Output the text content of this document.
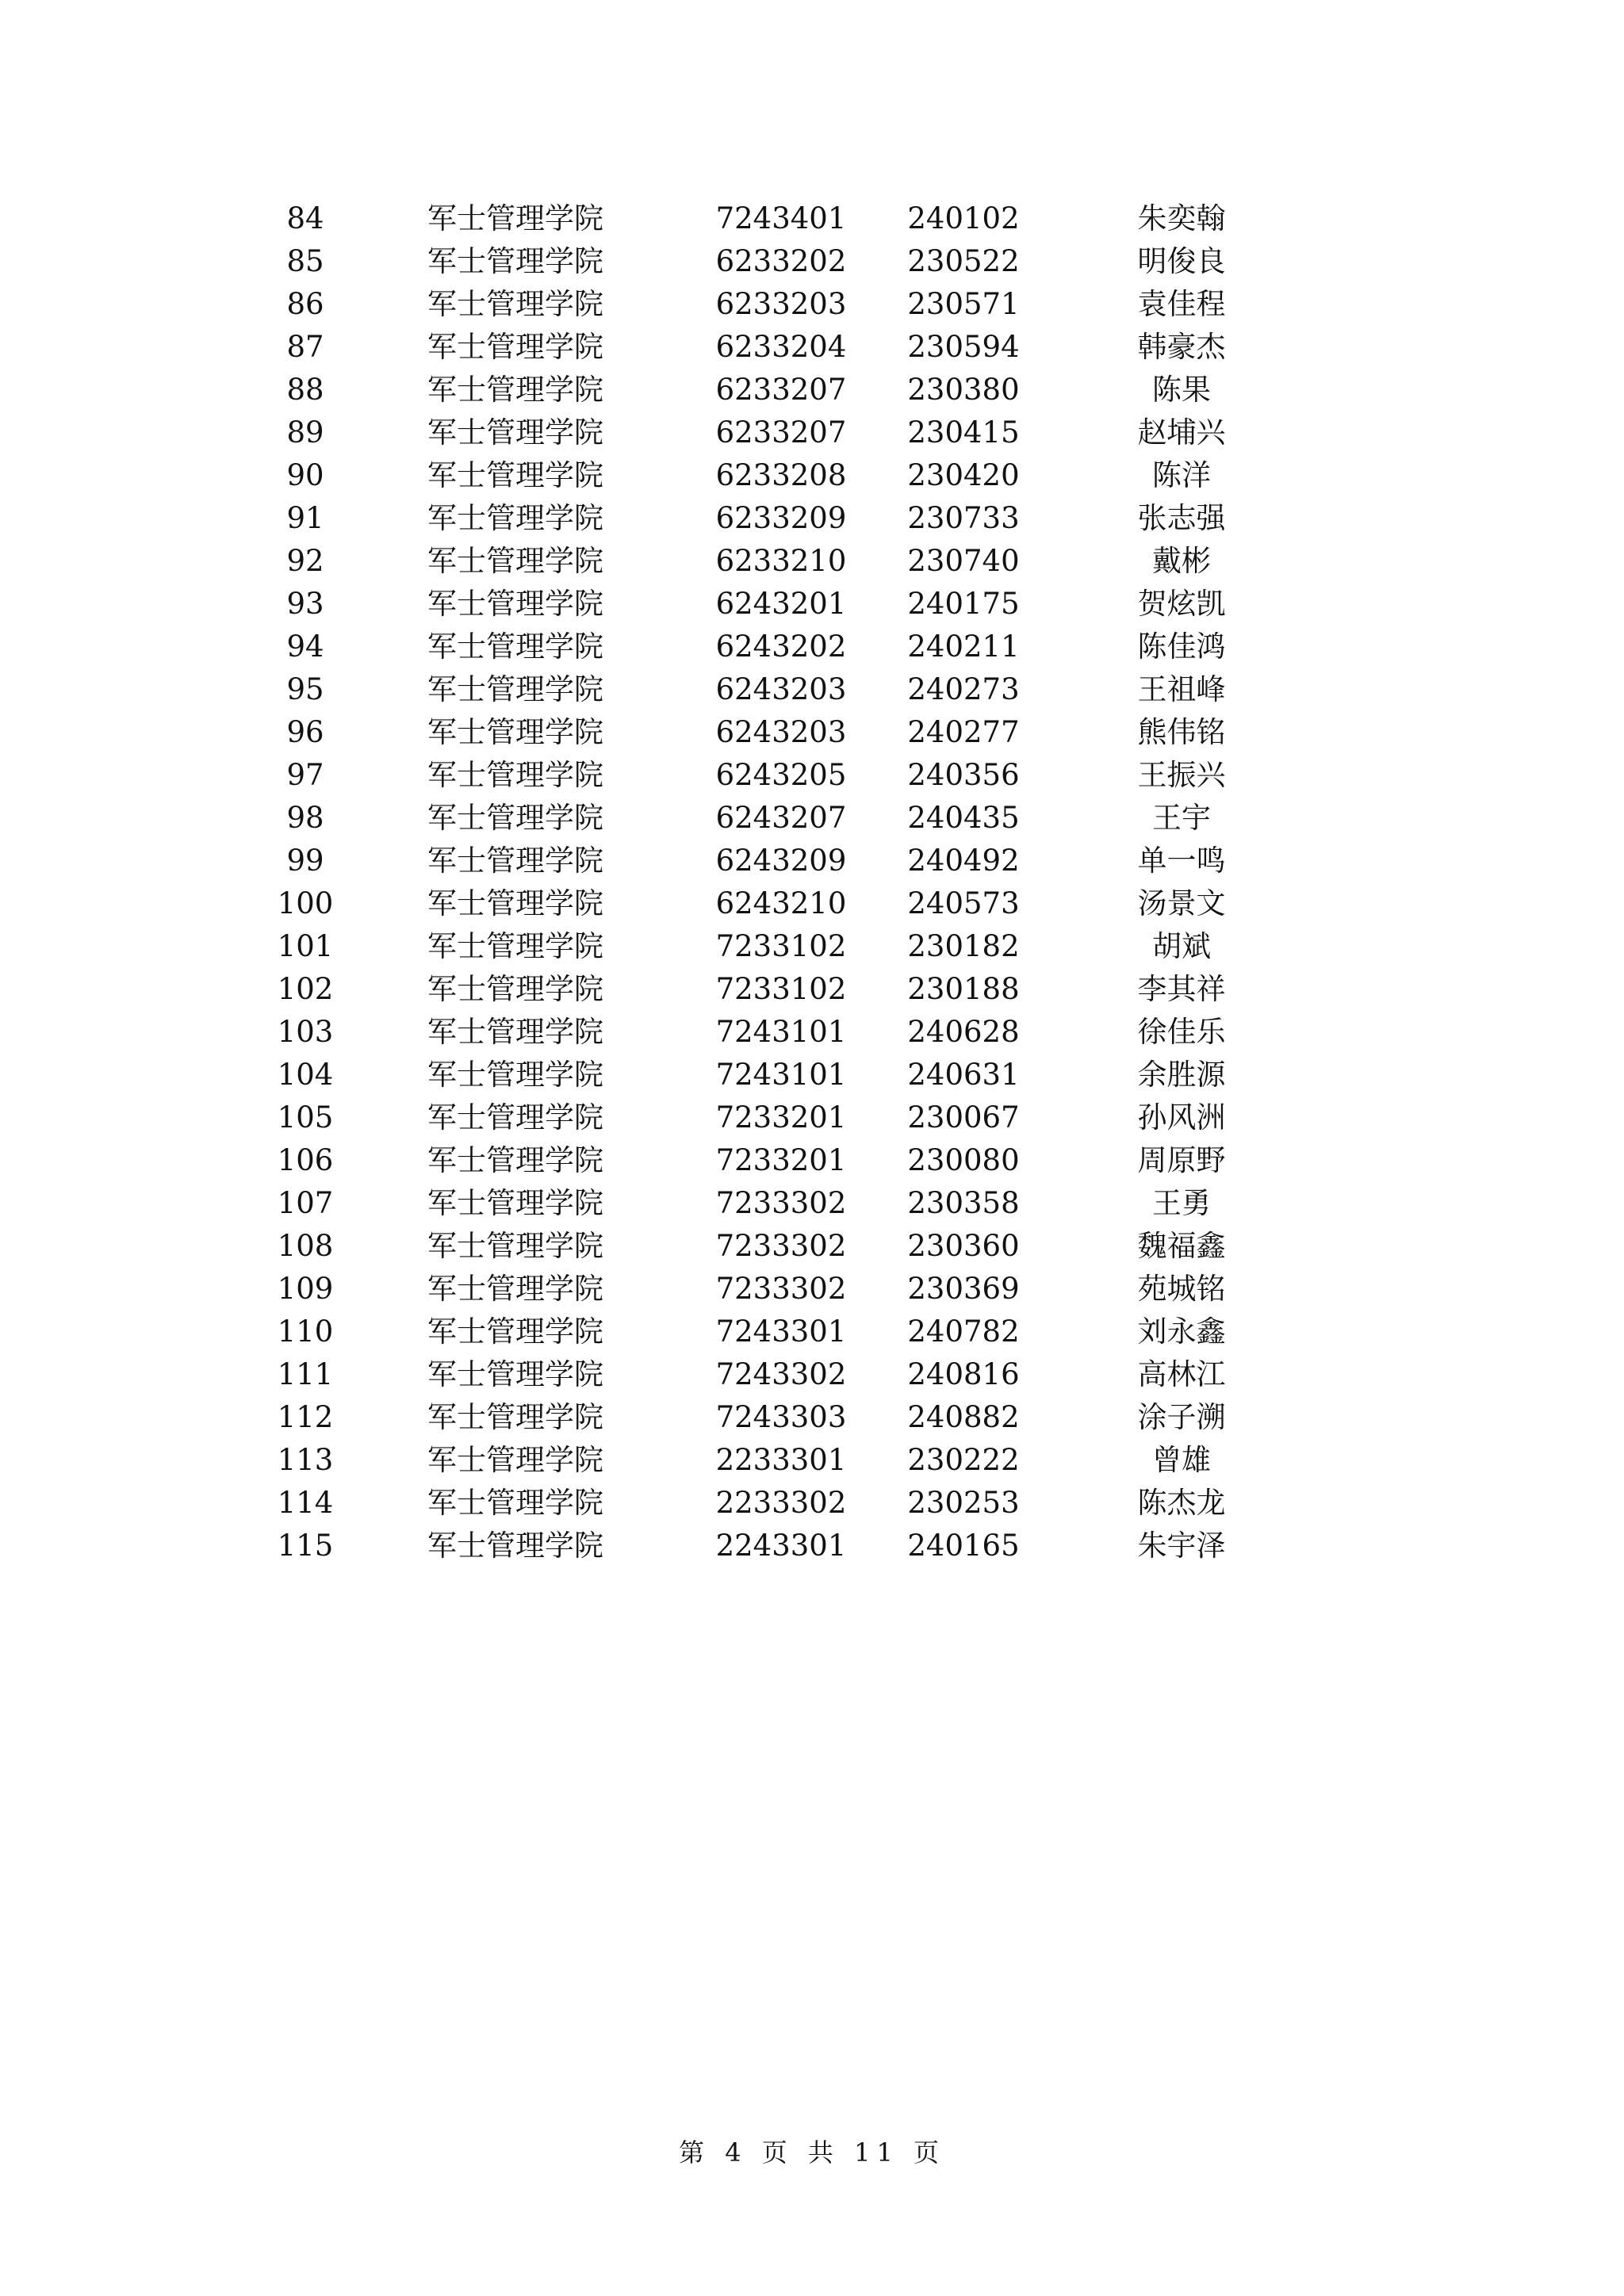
84	军士管理学院	7243401	240102	朱奕翰
85	军士管理学院	6233202	230522	明俊良
86	军士管理学院	6233203	230571	袁佳程
87	军士管理学院	6233204	230594	韩豪杰
88	军士管理学院	6233207	230380	陈果
89	军士管理学院	6233207	230415	赵埔兴
90	军士管理学院	6233208	230420	陈洋
91	军士管理学院	6233209	230733	张志强
92	军士管理学院	6233210	230740	戴彬
93	军士管理学院	6243201	240175	贺炫凯
94	军士管理学院	6243202	240211	陈佳鸿
95	军士管理学院	6243203	240273	王祖峰
96	军士管理学院	6243203	240277	熊伟铭
97	军士管理学院	6243205	240356	王振兴
98	军士管理学院	6243207	240435	王宇
99	军士管理学院	6243209	240492	单一鸣
100	军士管理学院	6243210	240573	汤景文
101	军士管理学院	7233102	230182	胡斌
102	军士管理学院	7233102	230188	李其祥
103	军士管理学院	7243101	240628	徐佳乐
104	军士管理学院	7243101	240631	余胜源
105	军士管理学院	7233201	230067	孙风洲
106	军士管理学院	7233201	230080	周原野
107	军士管理学院	7233302	230358	王勇
108	军士管理学院	7233302	230360	魏福鑫
109	军士管理学院	7233302	230369	苑城铭
110	军士管理学院	7243301	240782	刘永鑫
111	军士管理学院	7243302	240816	高林江
112	军士管理学院	7243303	240882	涂子溯
113	军士管理学院	2233301	230222	曾雄
114	军士管理学院	2233302	230253	陈杰龙
115	军士管理学院	2243301	240165	朱宇泽
第 4 页 共 11 页
